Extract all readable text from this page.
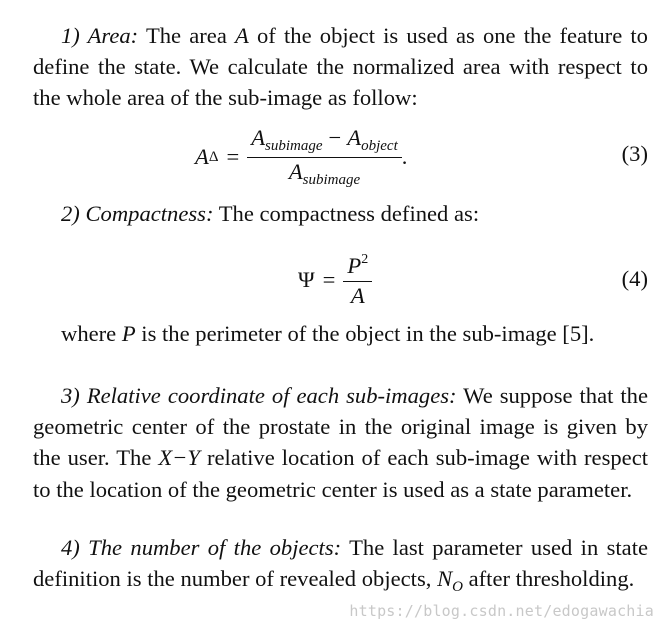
1) Area: The area A of the object is used as one the feature to define the state. We calculate the normalized area with respect to the whole area of the sub-image as follow:

A $\Delta = \frac{A_{subimage} - A_{object}}{A_{subimage}}$ .	(3)

2) Compactness: The compactness defined as:

$\Psi = \frac{P^2}{A}$	(4)

where P is the perimeter of the object in the sub-image [5].

3) Relative coordinate of each sub-images: We suppose that the geometric center of the prostate in the original image is given by the user. The X−Y relative location of each sub-image with respect to the location of the geometric center is used as a state parameter.

4) The number of the objects: The last parameter used in state definition is the number of revealed objects, $N_O$ after thresholding.

https://blog.csdn.net/edogawachia
